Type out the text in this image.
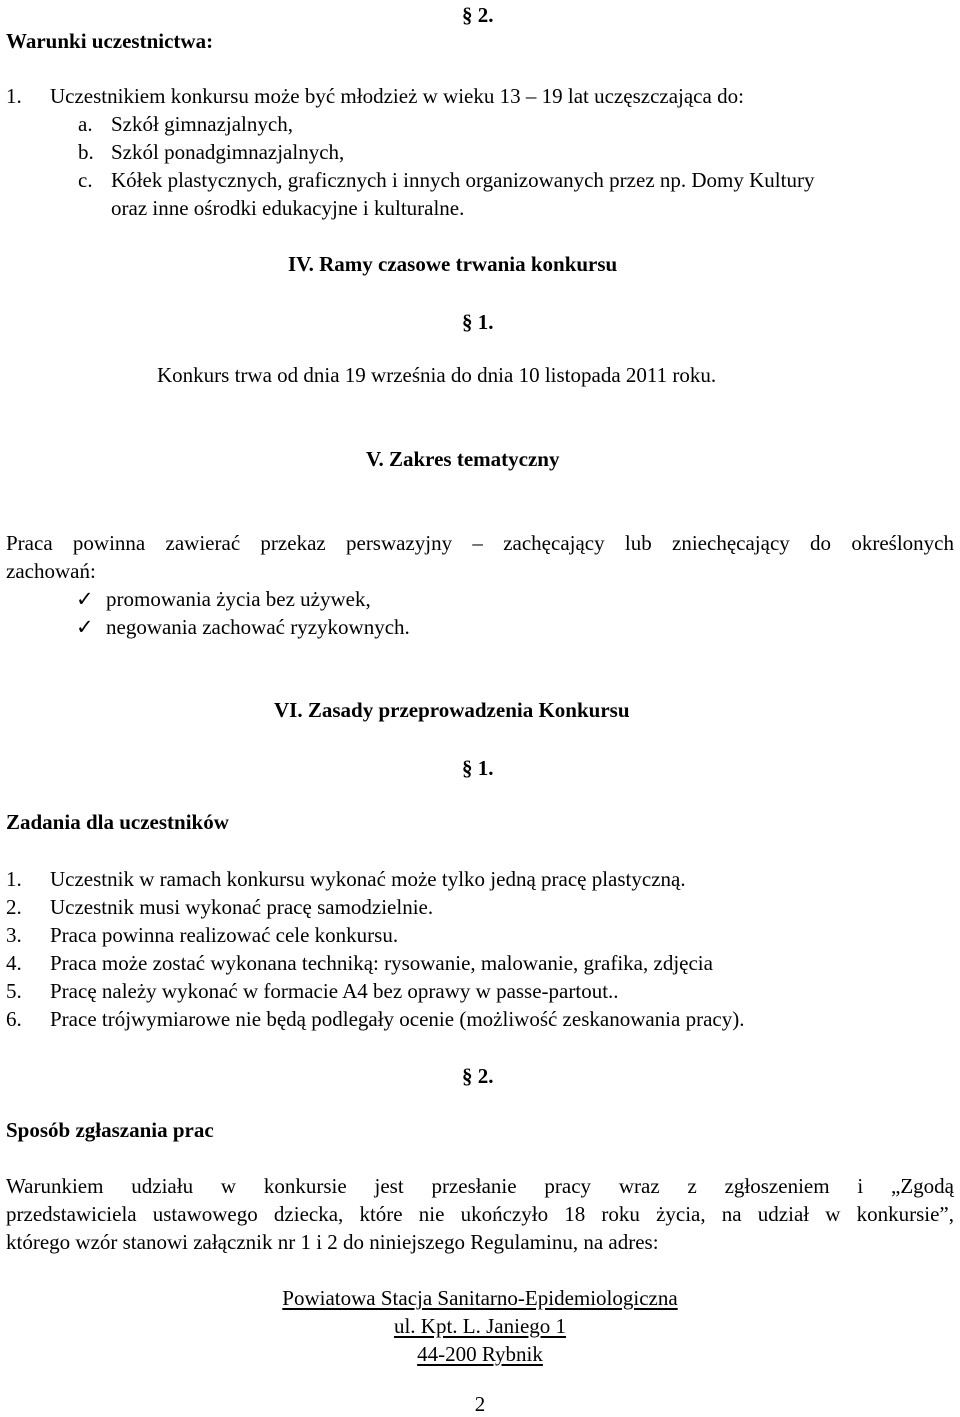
Warunki uczestnictwa:
§ 2.
1. Uczestnikiem konkursu może być młodzież w wieku 13 – 19 lat uczęszczająca do:
a. Szkół gimnazjalnych,
b. Szkól ponadgimnazjalnych,
c. Kółek plastycznych, graficznych i innych organizowanych przez np. Domy Kultury
oraz inne ośrodki edukacyjne i kulturalne.
IV. Ramy czasowe trwania konkursu
§ 1.
Konkurs trwa od dnia 19 września do dnia 10 listopada 2011 roku.
V. Zakres tematyczny
Praca powinna zawierać przekaz perswazyjny – zachęcający lub zniechęcający do określonych
zachowań:
✓ promowania życia bez używek,
✓ negowania zachować ryzykownych.
VI. Zasady przeprowadzenia Konkursu
§ 1.
Zadania dla uczestników
1. Uczestnik w ramach konkursu wykonać może tylko jedną pracę plastyczną.
2. Uczestnik musi wykonać pracę samodzielnie.
3. Praca powinna realizować cele konkursu.
4. Praca może zostać wykonana techniką: rysowanie, malowanie, grafika, zdjęcia
5. Pracę należy wykonać w formacie A4 bez oprawy w passe-partout..
6. Prace trójwymiarowe nie będą podlegały ocenie (możliwość zeskanowania pracy).
§ 2.
Sposób zgłaszania prac
Warunkiem udziału w konkursie jest przesłanie pracy wraz z zgłoszeniem i „Zgodą
przedstawiciela ustawowego dziecka, które nie ukończyło 18 roku życia, na udział w konkursie”,
którego wzór stanowi załącznik nr 1 i 2 do niniejszego Regulaminu, na adres:
Powiatowa Stacja Sanitarno-Epidemiologiczna
ul. Kpt. L. Janiego 1
44-200 Rybnik
2
